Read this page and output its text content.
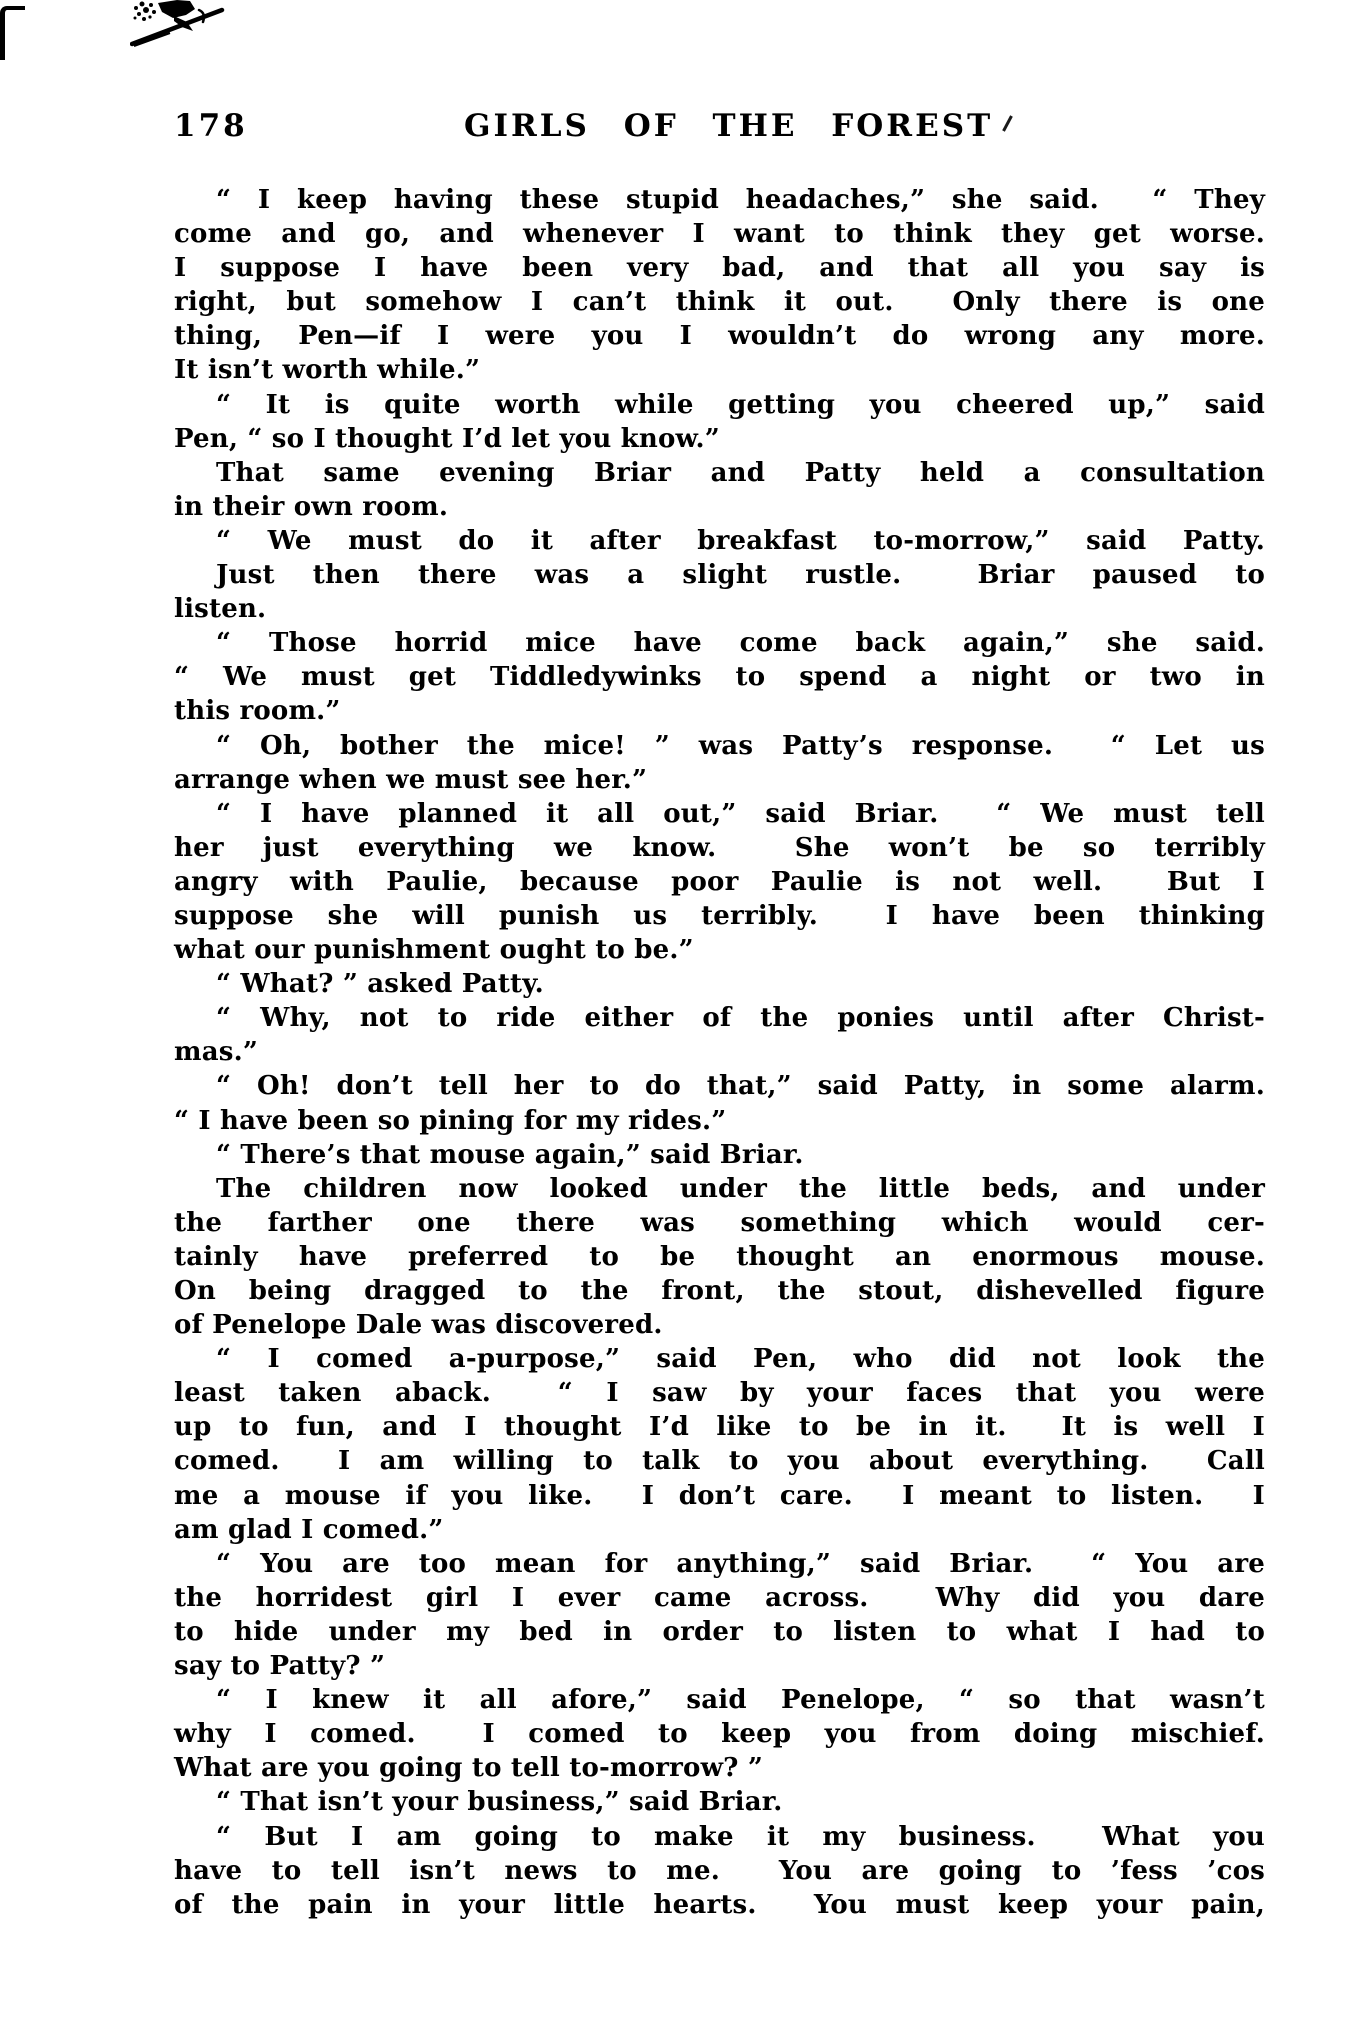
178	GIRLS OF THE FOREST
“ I keep having these stupid headaches,” she said.  “ They
come and go, and whenever I want to think they get worse.
I suppose I have been very bad, and that all you say is
right, but somehow I can’t think it out.  Only there is one
thing, Pen—if I were you I wouldn’t do wrong any more.
It isn’t worth while.”
“ It is quite worth while getting you cheered up,” said
Pen, “ so I thought I’d let you know.”
That same evening Briar and Patty held a consultation
in their own room.
“ We must do it after breakfast to-morrow,” said Patty.
Just then there was a slight rustle.  Briar paused to
listen.
“ Those horrid mice have come back again,” she said.
“ We must get Tiddledywinks to spend a night or two in
this room.”
“ Oh, bother the mice! ” was Patty’s response.  “ Let us
arrange when we must see her.”
“ I have planned it all out,” said Briar.  “ We must tell
her just everything we know.  She won’t be so terribly
angry with Paulie, because poor Paulie is not well.  But I
suppose she will punish us terribly.  I have been thinking
what our punishment ought to be.”
“ What? ” asked Patty.
“ Why, not to ride either of the ponies until after Christ-
mas.”
“ Oh! don’t tell her to do that,” said Patty, in some alarm.
“ I have been so pining for my rides.”
“ There’s that mouse again,” said Briar.
The children now looked under the little beds, and under
the farther one there was something which would cer-
tainly have preferred to be thought an enormous mouse.
On being dragged to the front, the stout, dishevelled figure
of Penelope Dale was discovered.
“ I comed a-purpose,” said Pen, who did not look the
least taken aback.  “ I saw by your faces that you were
up to fun, and I thought I’d like to be in it.  It is well I
comed.  I am willing to talk to you about everything.  Call
me a mouse if you like.  I don’t care.  I meant to listen.  I
am glad I comed.”
“ You are too mean for anything,” said Briar.  “ You are
the horridest girl I ever came across.  Why did you dare
to hide under my bed in order to listen to what I had to
say to Patty? ”
“ I knew it all afore,” said Penelope, “ so that wasn’t
why I comed.  I comed to keep you from doing mischief.
What are you going to tell to-morrow? ”
“ That isn’t your business,” said Briar.
“ But I am going to make it my business.  What you
have to tell isn’t news to me.  You are going to ’fess ’cos
of the pain in your little hearts.  You must keep your pain,
